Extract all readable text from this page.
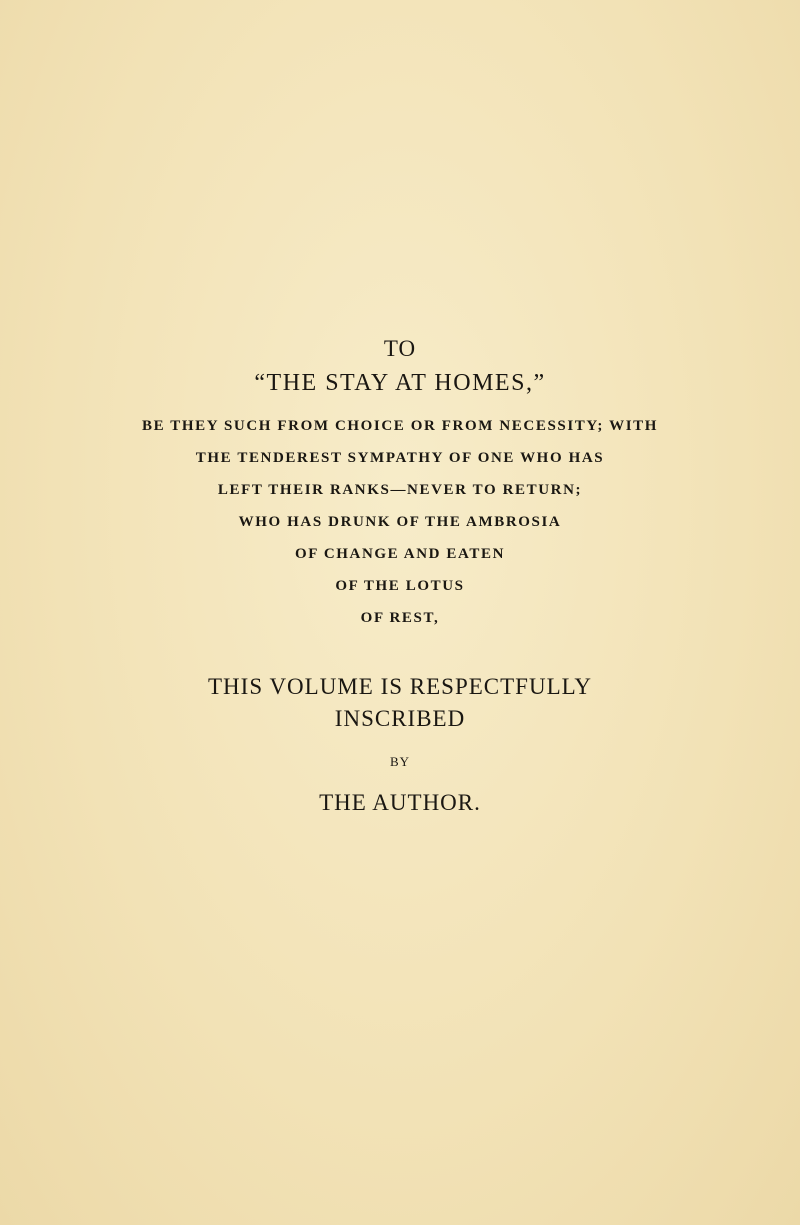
TO
“THE STAY AT HOMES,”
BE THEY SUCH FROM CHOICE OR FROM NECESSITY; WITH
THE TENDEREST SYMPATHY OF ONE WHO HAS
LEFT THEIR RANKS—NEVER TO RETURN;
WHO HAS DRUNK OF THE AMBROSIA
OF CHANGE AND EATEN
OF THE LOTUS
OF REST,
THIS VOLUME IS RESPECTFULLY
INSCRIBED
BY
THE AUTHOR.
